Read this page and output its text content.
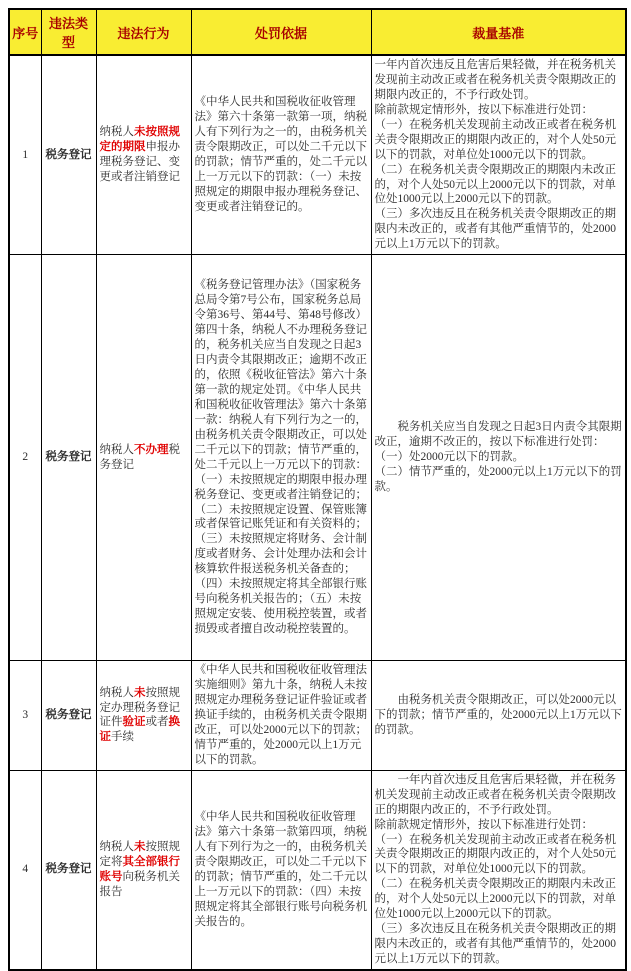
序号	违法类型	违法行为	处罚依据	裁量基准
1	税务登记	纳税人未按照规定的期限申报办理税务登记、变更或者注销登记	《中华人民共和国税收征收管理法》第六十条第一款第一项，纳税人有下列行为之一的，由税务机关责令限期改正，可以处二千元以下的罚款；情节严重的，处二千元以上一万元以下的罚款：（一）未按照规定的期限申报办理税务登记、变更或者注销登记的。	一年内首次违反且危害后果轻微，并在税务机关发现前主动改正或者在税务机关责令限期改正的期限内改正的，不予行政处罚。
除前款规定情形外，按以下标准进行处罚：
（一）在税务机关发现前主动改正或者在税务机关责令限期改正的期限内改正的，对个人处50元以下的罚款，对单位处1000元以下的罚款。
（二）在税务机关责令限期改正的期限内未改正的，对个人处50元以上2000元以下的罚款，对单位处1000元以上2000元以下的罚款。
（三）多次违反且在税务机关责令限期改正的期限内未改正的，或者有其他严重情节的，处2000元以上1万元以下的罚款。

2	税务登记	纳税人不办理税务登记	《税务登记管理办法》（国家税务总局令第7号公布，国家税务总局令第36号、第44号、第48号修改）第四十条，纳税人不办理税务登记的，税务机关应当自发现之日起3日内责令其限期改正；逾期不改正的，依照《税收征管法》第六十条第一款的规定处罚。《中华人民共和国税收征收管理法》第六十条第一款：纳税人有下列行为之一的，由税务机关责令限期改正，可以处二千元以下的罚款；情节严重的，处二千元以上一万元以下的罚款：（一）未按照规定的期限申报办理税务登记、变更或者注销登记的；（二）未按照规定设置、保管账簿或者保管记账凭证和有关资料的；（三）未按照规定将财务、会计制度或者财务、会计处理办法和会计核算软件报送税务机关备查的；（四）未按照规定将其全部银行账号向税务机关报告的；（五）未按照规定安装、使用税控装置，或者损毁或者擅自改动税控装置的。	
　　税务机关应当自发现之日起3日内责令其限期改正，逾期不改正的，按以下标准进行处罚：
（一）处2000元以下的罚款。
（二）情节严重的，处2000元以上1万元以下的罚款。

3	税务登记	纳税人未按照规定办理税务登记证件验证或者换证手续	《中华人民共和国税收征收管理法实施细则》第九十条，纳税人未按照规定办理税务登记证件验证或者换证手续的，由税务机关责令限期改正，可以处2000元以下的罚款；情节严重的，处2000元以上1万元以下的罚款。	　　由税务机关责令限期改正，可以处2000元以下的罚款；情节严重的，处2000元以上1万元以下的罚款。

4	税务登记	纳税人未按照规定将其全部银行账号向税务机关报告	《中华人民共和国税收征收管理法》第六十条第一款第四项，纳税人有下列行为之一的，由税务机关责令限期改正，可以处二千元以下的罚款；情节严重的，处二千元以上一万元以下的罚款：（四）未按照规定将其全部银行账号向税务机关报告的。	　　一年内首次违反且危害后果轻微，并在税务机关发现前主动改正或者在税务机关责令限期改正的期限内改正的，不予行政处罚。
除前款规定情形外，按以下标准进行处罚：
（一）在税务机关发现前主动改正或者在税务机关责令限期改正的期限内改正的，对个人处50元以下的罚款，对单位处1000元以下的罚款。
（二）在税务机关责令限期改正的期限内未改正的，对个人处50元以上2000元以下的罚款，对单位处1000元以上2000元以下的罚款。
（三）多次违反且在税务机关责令限期改正的期限内未改正的，或者有其他严重情节的，处2000元以上1万元以下的罚款。
